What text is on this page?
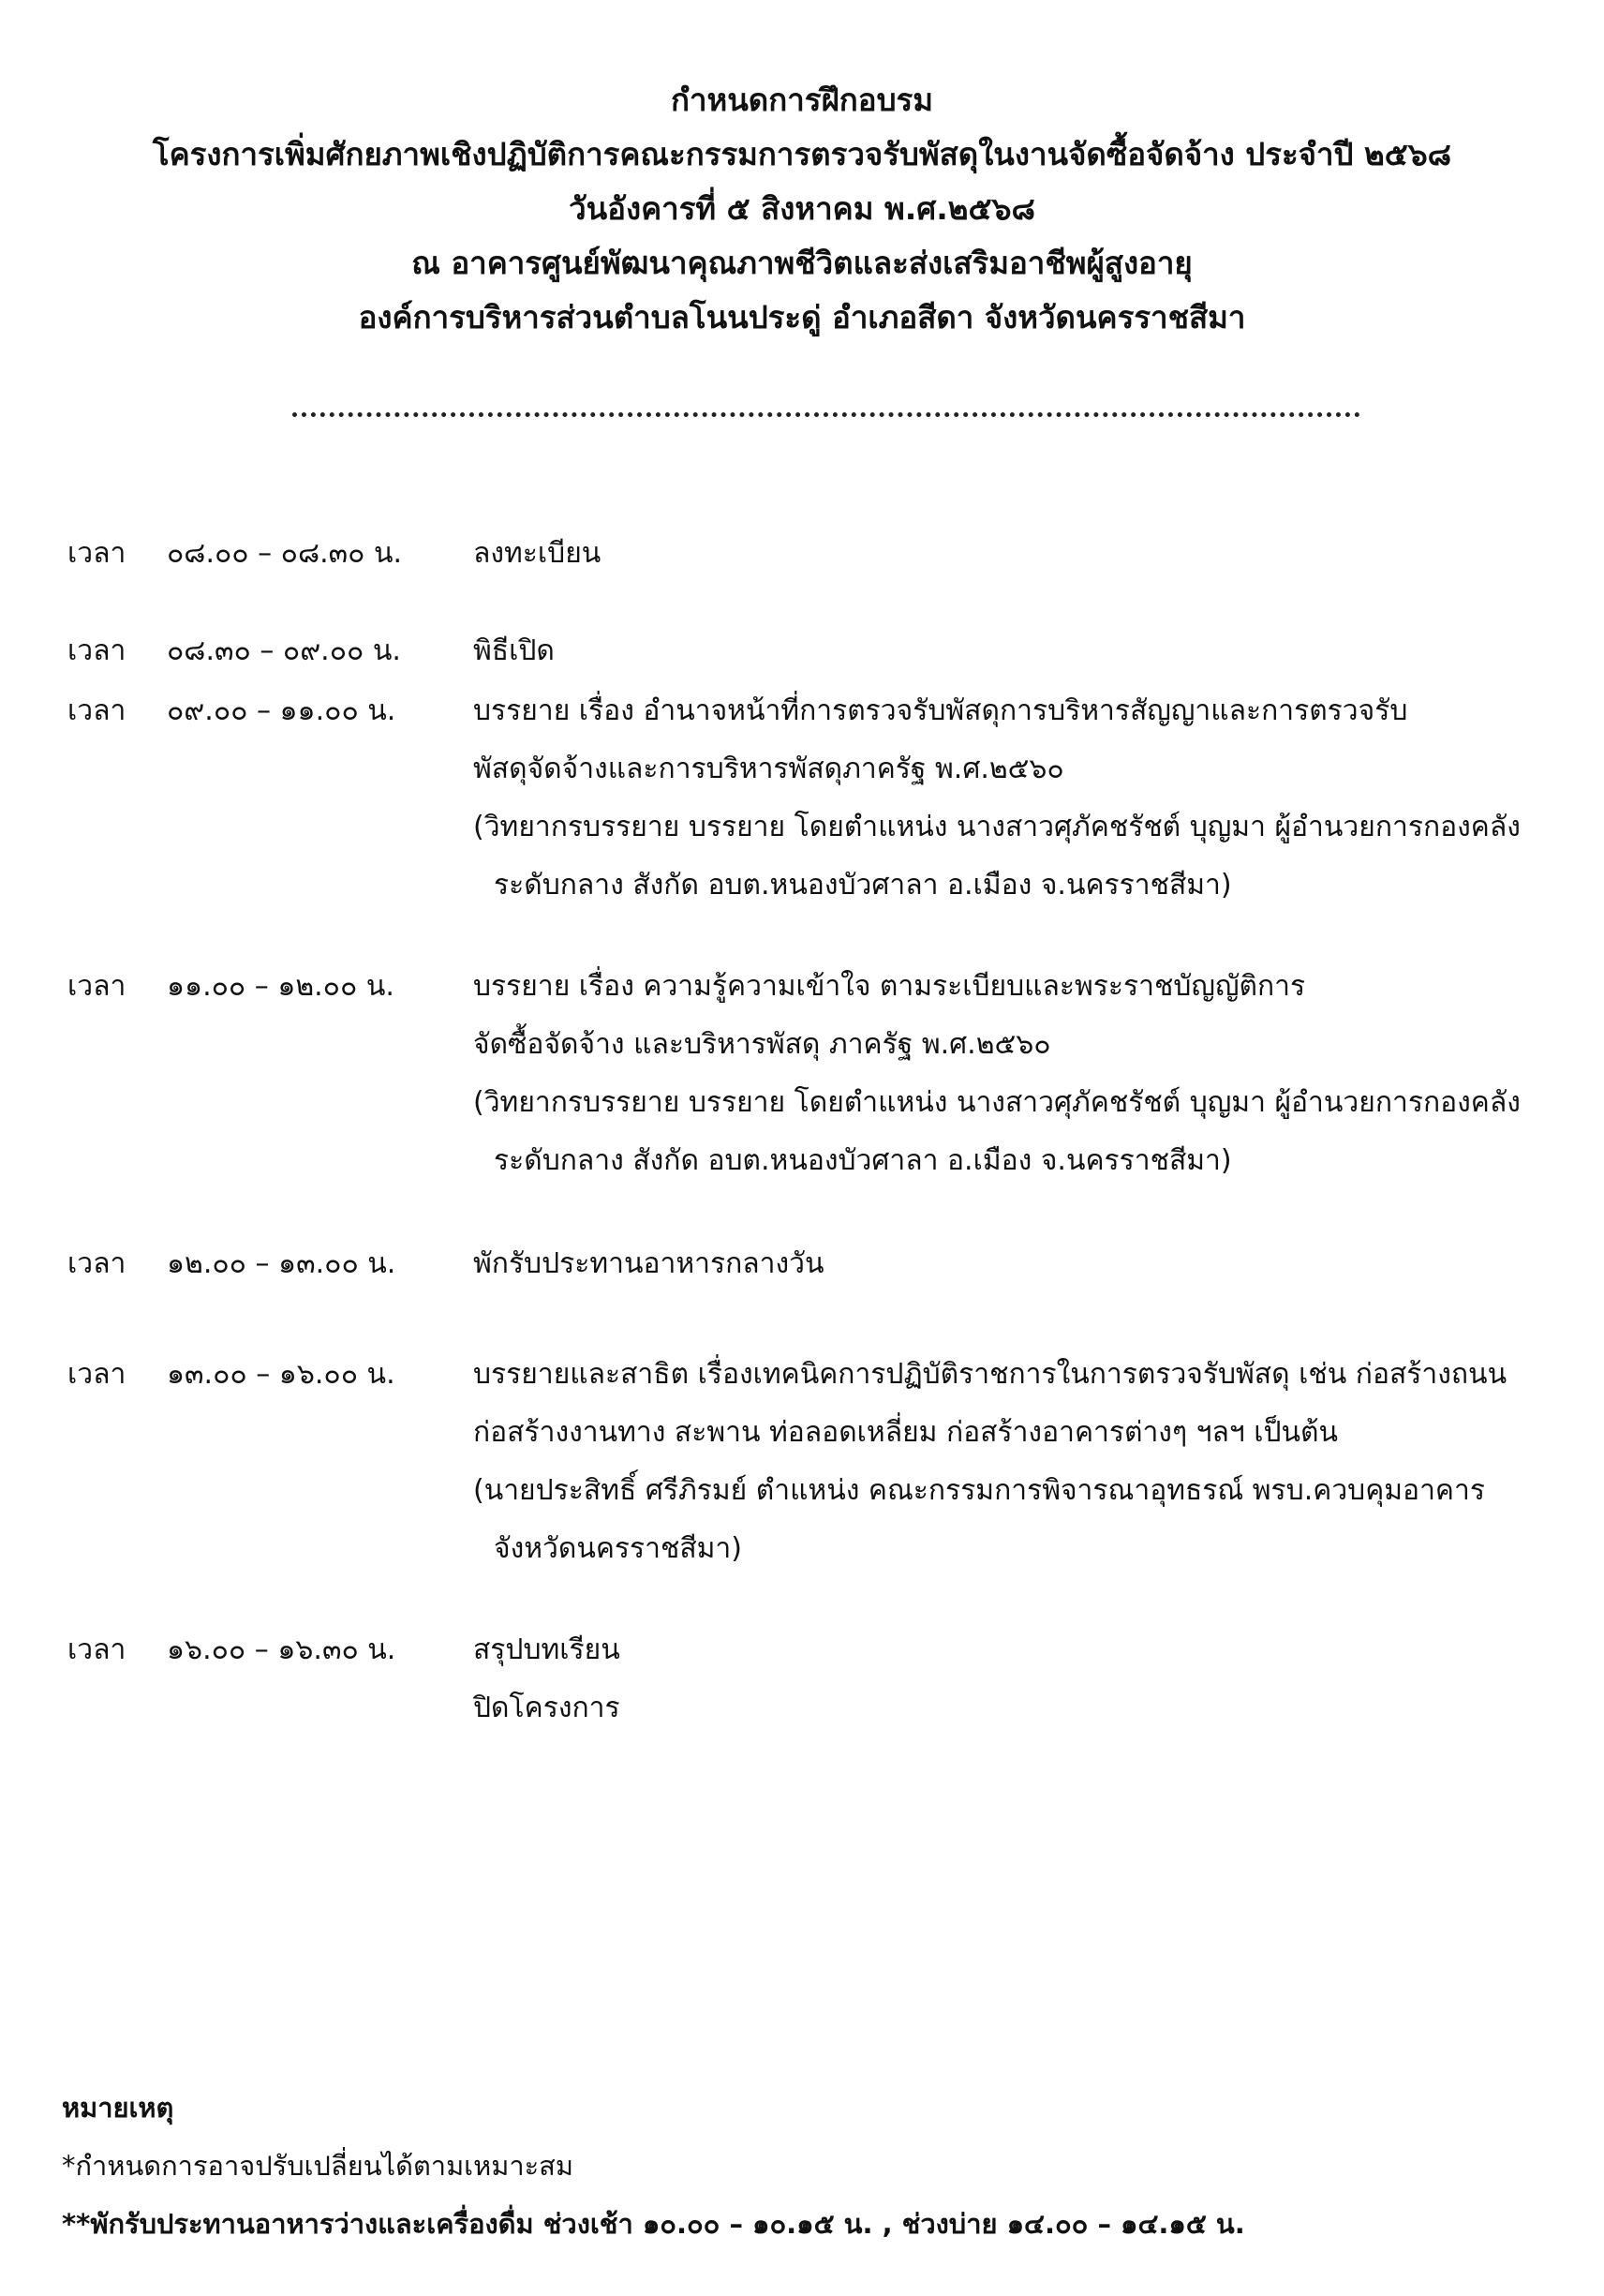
กำหนดการฝึกอบรม
โครงการเพิ่มศักยภาพเชิงปฏิบัติการคณะกรรมการตรวจรับพัสดุในงานจัดซื้อจัดจ้าง ประจำปี ๒๕๖๘
วันอังคารที่ ๕ สิงหาคม พ.ศ.๒๕๖๘
ณ อาคารศูนย์พัฒนาคุณภาพชีวิตและส่งเสริมอาชีพผู้สูงอายุ
องค์การบริหารส่วนตำบลโนนประดู่ อำเภอสีดา จังหวัดนครราชสีมา
เวลา ๐๘.๐๐ – ๐๘.๓๐ น.	ลงทะเบียน
เวลา ๐๘.๓๐ – ๐๙.๐๐ น.	พิธีเปิด
เวลา ๐๙.๐๐ – ๑๑.๐๐ น.	บรรยาย เรื่อง อำนาจหน้าที่การตรวจรับพัสดุการบริหารสัญญาและการตรวจรับ
พัสดุจัดจ้างและการบริหารพัสดุภาครัฐ พ.ศ.๒๕๖๐
(วิทยากรบรรยาย บรรยาย โดยตำแหน่ง นางสาวศุภัคชรัชต์ บุญมา ผู้อำนวยการกองคลัง
ระดับกลาง สังกัด อบต.หนองบัวศาลา อ.เมือง จ.นครราชสีมา)
เวลา ๑๑.๐๐ – ๑๒.๐๐ น.	บรรยาย เรื่อง ความรู้ความเข้าใจ ตามระเบียบและพระราชบัญญัติการ
จัดซื้อจัดจ้าง และบริหารพัสดุ ภาครัฐ พ.ศ.๒๕๖๐
(วิทยากรบรรยาย บรรยาย โดยตำแหน่ง นางสาวศุภัคชรัชต์ บุญมา ผู้อำนวยการกองคลัง
ระดับกลาง สังกัด อบต.หนองบัวศาลา อ.เมือง จ.นครราชสีมา)
เวลา ๑๒.๐๐ – ๑๓.๐๐ น.	พักรับประทานอาหารกลางวัน
เวลา ๑๓.๐๐ – ๑๖.๐๐ น.	บรรยายและสาธิต เรื่องเทคนิคการปฏิบัติราชการในการตรวจรับพัสดุ เช่น ก่อสร้างถนน
ก่อสร้างงานทาง สะพาน ท่อลอดเหลี่ยม ก่อสร้างอาคารต่างๆ ฯลฯ เป็นต้น
(นายประสิทธิ์ ศรีภิรมย์ ตำแหน่ง คณะกรรมการพิจารณาอุทธรณ์ พรบ.ควบคุมอาคาร
จังหวัดนครราชสีมา)
เวลา ๑๖.๐๐ – ๑๖.๓๐ น.	สรุปบทเรียน
ปิดโครงการ
หมายเหตุ
*กำหนดการอาจปรับเปลี่ยนได้ตามเหมาะสม
**พักรับประทานอาหารว่างและเครื่องดื่ม ช่วงเช้า ๑๐.๐๐ – ๑๐.๑๕ น. , ช่วงบ่าย ๑๔.๐๐ – ๑๔.๑๕ น.
